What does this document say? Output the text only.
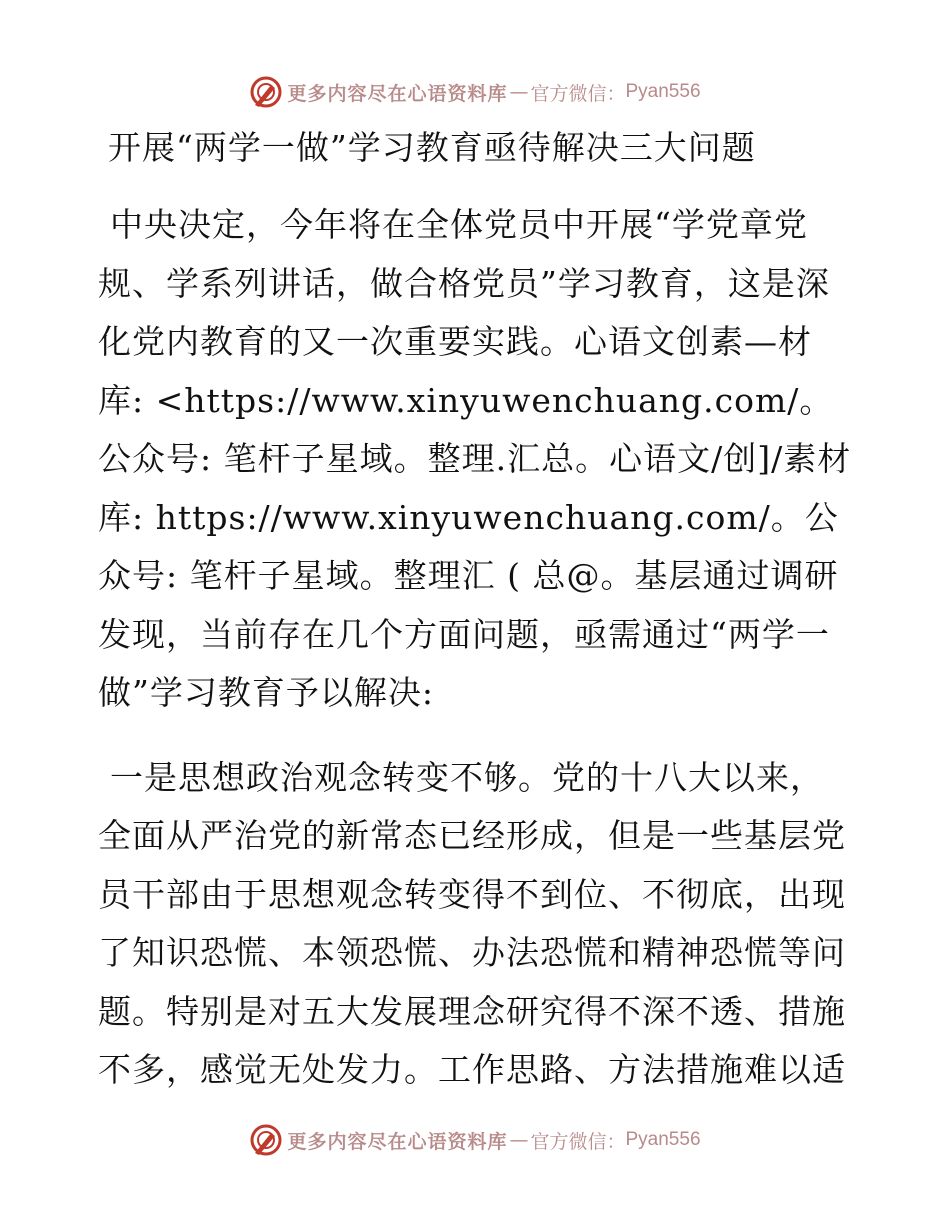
更多内容尽在心语资料库 — 官方微信： Pyan556
开展“两学一做”学习教育亟待解决三大问题

中央决定，今年将在全体党员中开展“学党章党规、学系列讲话，做合格党员”学习教育，这是深化党内教育的又一次重要实践。心语文创素—材库: <https://www.xinyuwenchuang.com/。公众号: 笔杆子星域。整理.汇总。心语文/创]/素材库: https://www.xinyuwenchuang.com/。公众号: 笔杆子星域。整理汇 ( 总@。基层通过调研发现，当前存在几个方面问题，亟需通过“两学一做”学习教育予以解决:

一是思想政治观念转变不够。党的十八大以来，全面从严治党的新常态已经形成，但是一些基层党员干部由于思想观念转变得不到位、不彻底，出现了知识恐慌、本领恐慌、办法恐慌和精神恐慌等问题。特别是对五大发展理念研究得不深不透、措施不多，感觉无处发力。工作思路、方法措施难以适

更多内容尽在心语资料库 — 官方微信： Pyan556
